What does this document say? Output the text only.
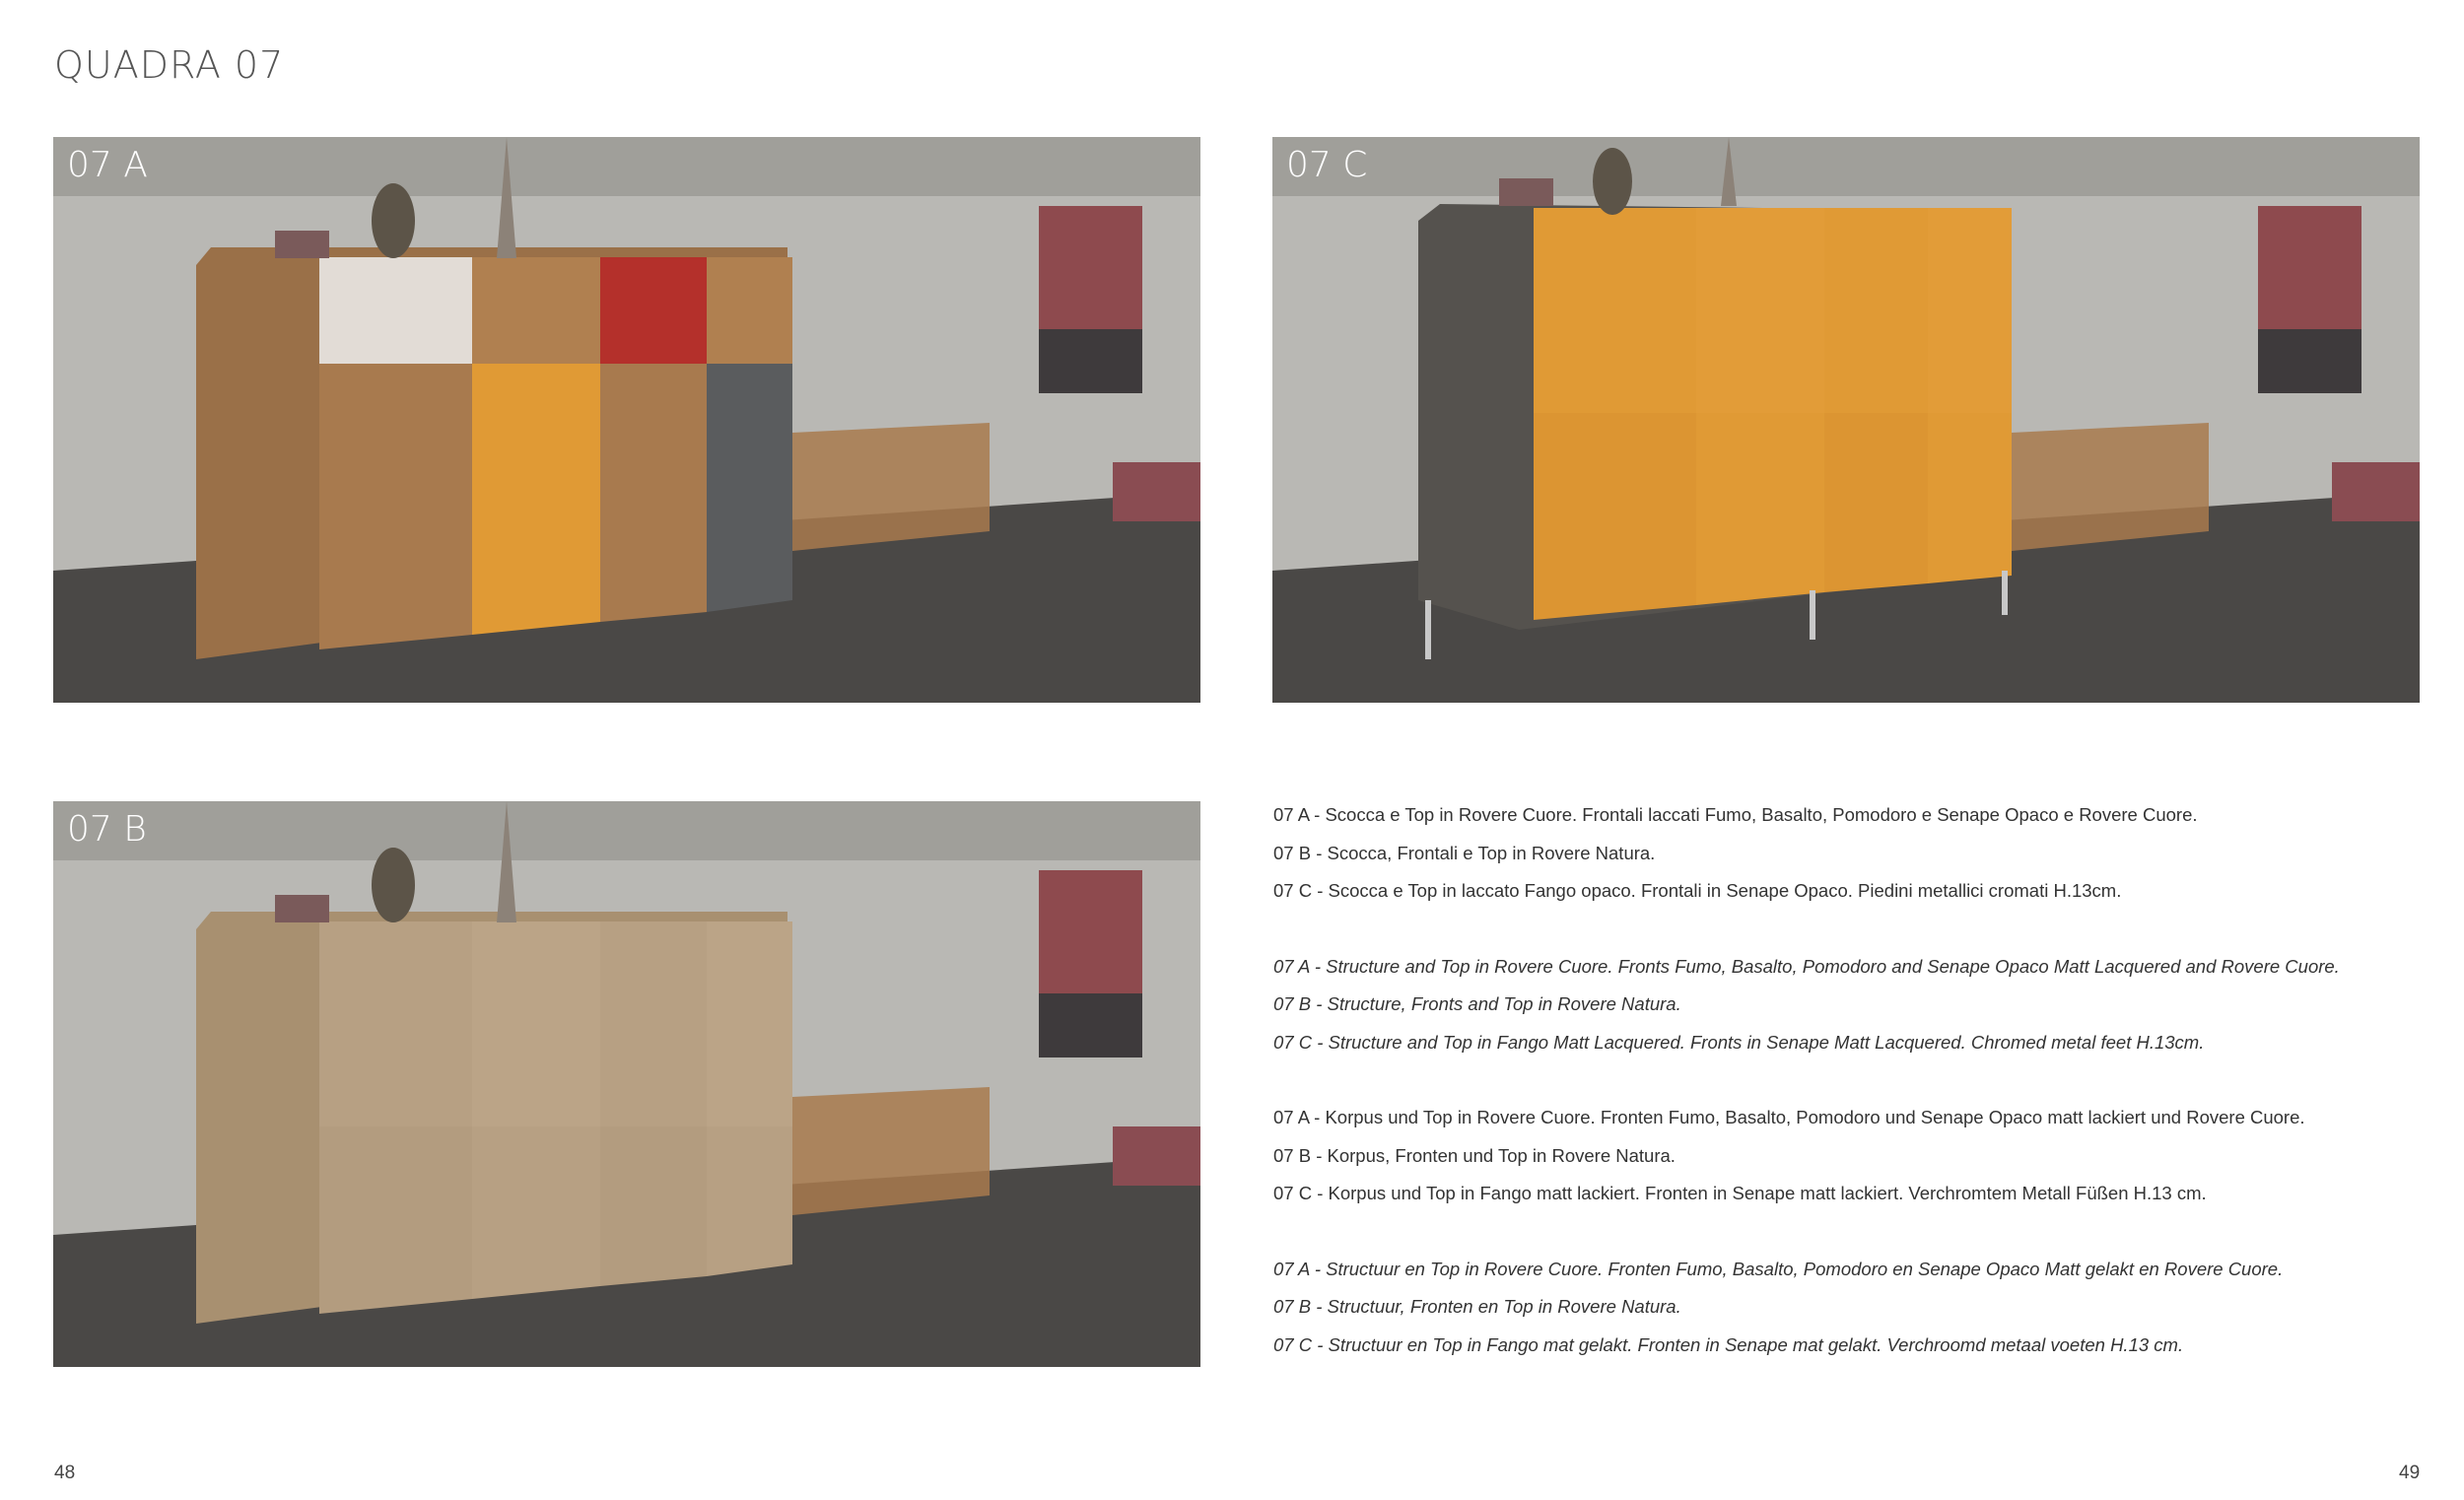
QUADRA 07
07 A	07 C
07 B	07 A - Scocca e Top in Rovere Cuore. Frontali laccati Fumo, Basalto, Pomodoro e Senape Opaco e Rovere Cuore.
07 B - Scocca, Frontali e Top in Rovere Natura.
07 C - Scocca e Top in laccato Fango opaco. Frontali in Senape Opaco. Piedini metallici cromati H.13cm.
07 A - Structure and Top in Rovere Cuore. Fronts Fumo, Basalto, Pomodoro and Senape Opaco Matt Lacquered and Rovere Cuore.
07 B - Structure, Fronts and Top in Rovere Natura.
07 C - Structure and Top in Fango Matt Lacquered. Fronts in Senape Matt Lacquered. Chromed metal feet H.13cm.
07 A - Korpus und Top in Rovere Cuore. Fronten Fumo, Basalto, Pomodoro und Senape Opaco matt lackiert und Rovere Cuore.
07 B - Korpus, Fronten und Top in Rovere Natura.
07 C - Korpus und Top in Fango matt lackiert. Fronten in Senape matt lackiert. Verchromtem Metall Füßen H.13 cm.
07 A - Structuur en Top in Rovere Cuore. Fronten Fumo, Basalto, Pomodoro en Senape Opaco Matt gelakt en Rovere Cuore.
07 B - Structuur, Fronten en Top in Rovere Natura.
07 C - Structuur en Top in Fango mat gelakt. Fronten in Senape mat gelakt. Verchroomd metaal voeten H.13 cm.
48	49
